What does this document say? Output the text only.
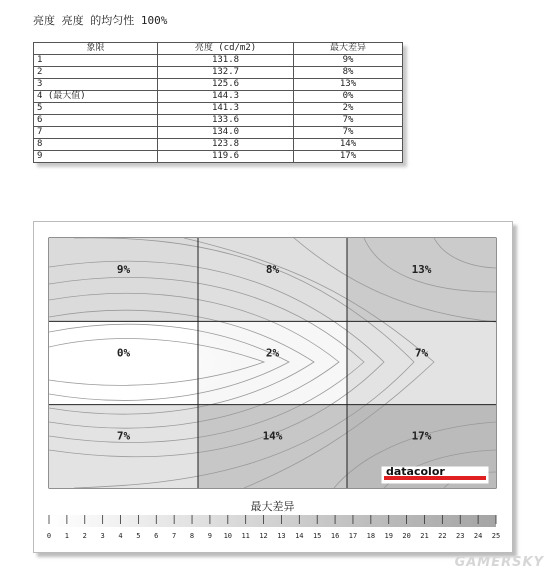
亮度 亮度 的均匀性 100%
象限	亮度 (cd/m2)	最大差异
1	131.8	9%
2	132.7	8%
3	125.6	13%
4 (最大值)	144.3	0%
5	141.3	2%
6	133.6	7%
7	134.0	7%
8	123.8	14%
9	119.6	17%
9%	8%	13%
0%	2%	7%
7%	14%	17%
datacolor
最大差异
0 1 2 3 4 5 6 7 8 9 10 11 12 13 14 15 16 17 18 19 20 21 22 23 24 25
GAMERSKY
